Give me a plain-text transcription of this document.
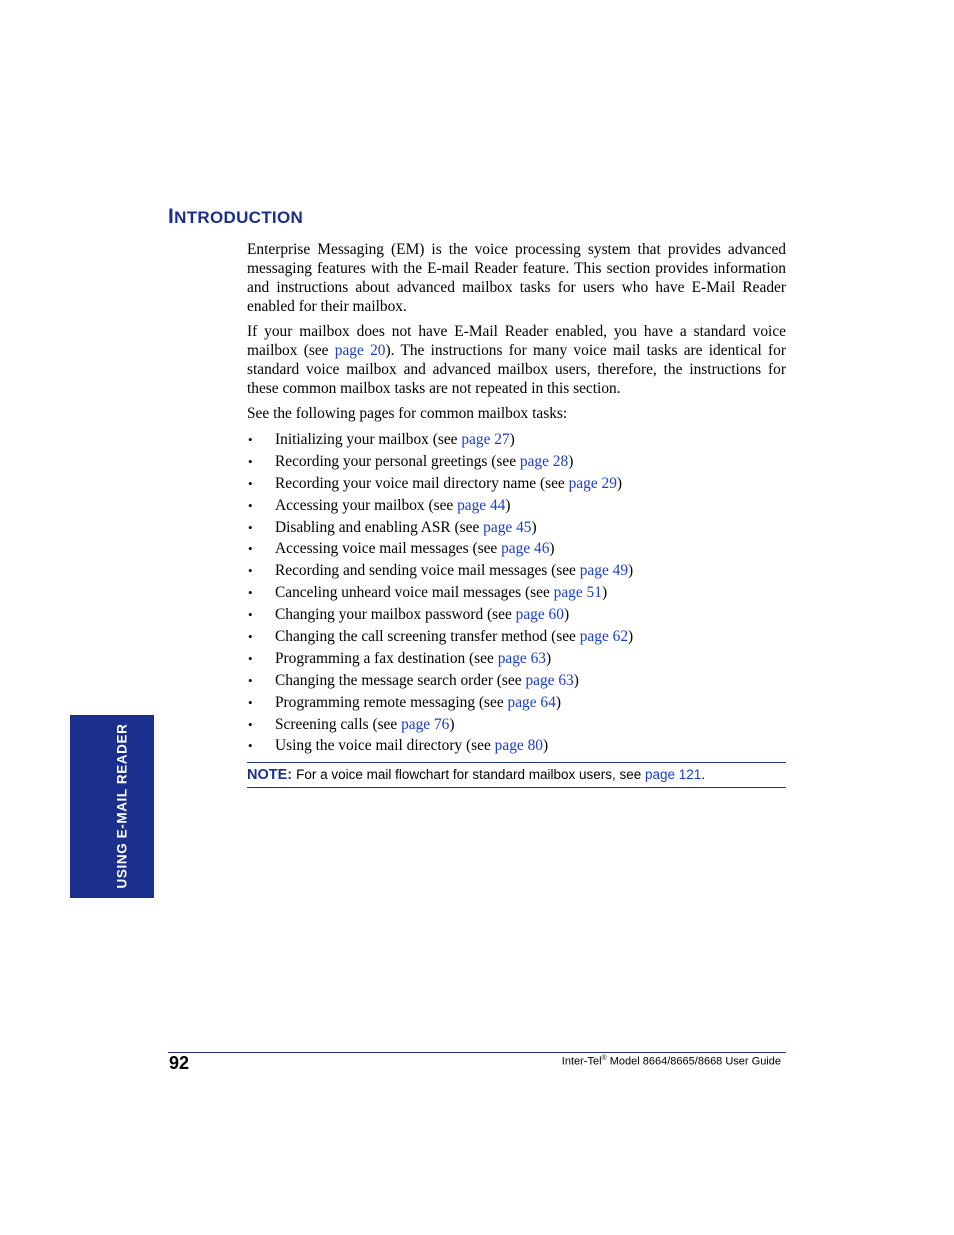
INTRODUCTION

Enterprise Messaging (EM) is the voice processing system that provides advanced messaging features with the E-mail Reader feature. This section provides information and instructions about advanced mailbox tasks for users who have E-Mail Reader enabled for their mailbox.

If your mailbox does not have E-Mail Reader enabled, you have a standard voice mailbox (see page 20). The instructions for many voice mail tasks are identical for standard voice mailbox and advanced mailbox users, therefore, the instructions for these common mailbox tasks are not repeated in this section.

See the following pages for common mailbox tasks:

• Initializing your mailbox (see page 27)
• Recording your personal greetings (see page 28)
• Recording your voice mail directory name (see page 29)
• Accessing your mailbox (see page 44)
• Disabling and enabling ASR (see page 45)
• Accessing voice mail messages (see page 46)
• Recording and sending voice mail messages (see page 49)
• Canceling unheard voice mail messages (see page 51)
• Changing your mailbox password (see page 60)
• Changing the call screening transfer method (see page 62)
• Programming a fax destination (see page 63)
• Changing the message search order (see page 63)
• Programming remote messaging (see page 64)
• Screening calls (see page 76)
• Using the voice mail directory (see page 80)
NOTE: For a voice mail flowchart for standard mailbox users, see page 121.
USING E-MAIL READER
92	Inter-Tel® Model 8664/8665/8668 User Guide
